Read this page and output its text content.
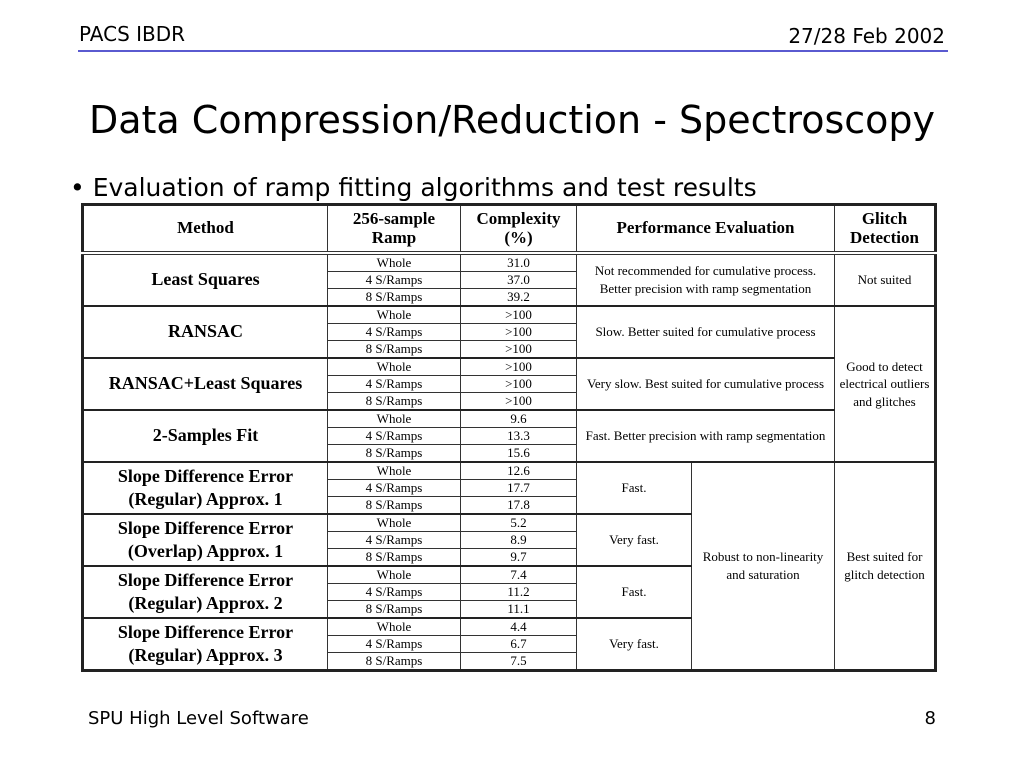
PACS IBDR	27/28 Feb 2002
Data Compression/Reduction - Spectroscopy
• Evaluation of ramp fitting algorithms and test results
Method	256-sample Ramp	Complexity (%)	Performance Evaluation		Glitch Detection
Least Squares	Whole	31.0	Not recommended for cumulative process. Better precision with ramp segmentation		Not suited
	4 S/Ramps	37.0			
	8 S/Ramps	39.2			
RANSAC	Whole	>100	Slow. Better suited for cumulative process		Good to detect electrical outliers and glitches
	4 S/Ramps	>100			
	8 S/Ramps	>100			
RANSAC+Least Squares	Whole	>100	Very slow. Best suited for cumulative process		
	4 S/Ramps	>100			
	8 S/Ramps	>100			
2-Samples Fit	Whole	9.6	Fast. Better precision with ramp segmentation		
	4 S/Ramps	13.3			
	8 S/Ramps	15.6			
Slope Difference Error (Regular) Approx. 1	Whole	12.6	Fast.	Robust to non-linearity and saturation	Best suited for glitch detection
	4 S/Ramps	17.7			
	8 S/Ramps	17.8			
Slope Difference Error (Overlap) Approx. 1	Whole	5.2	Very fast.		
	4 S/Ramps	8.9			
	8 S/Ramps	9.7			
Slope Difference Error (Regular) Approx. 2	Whole	7.4	Fast.		
	4 S/Ramps	11.2			
	8 S/Ramps	11.1			
Slope Difference Error (Regular) Approx. 3	Whole	4.4	Very fast.		
	4 S/Ramps	6.7			
	8 S/Ramps	7.5			
SPU High Level Software	8
